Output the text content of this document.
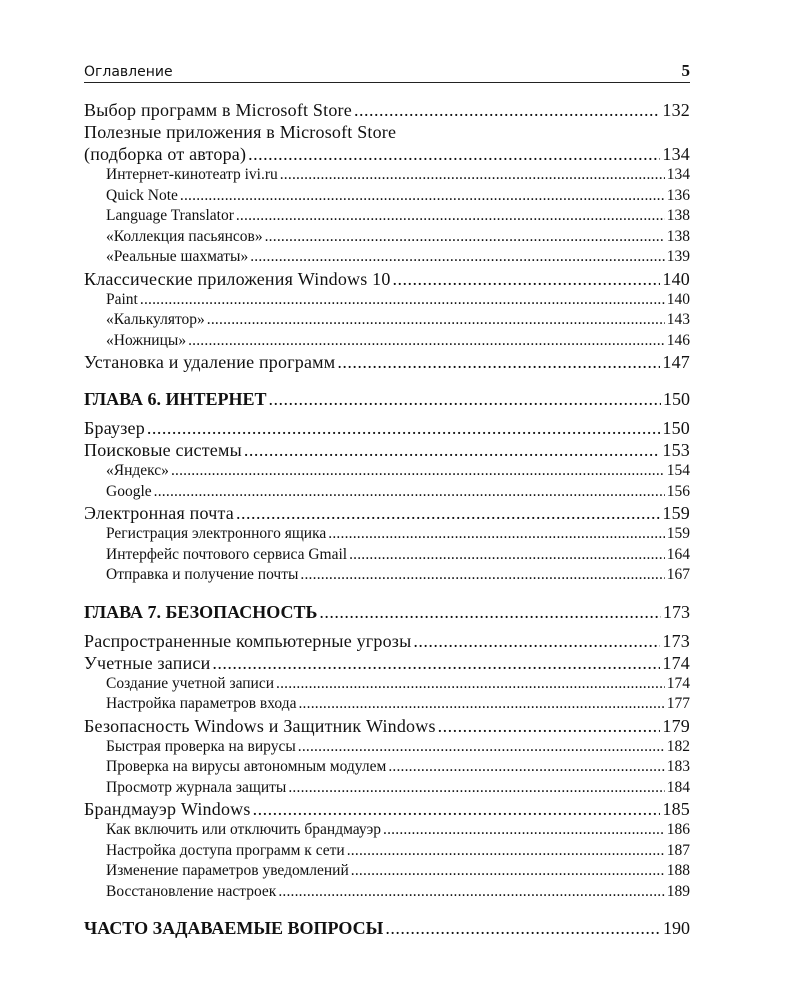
Оглавление	5
Выбор программ в Microsoft Store .....	132
Полезные приложения в Microsoft Store
(подборка от автора) .....	134
Интернет-кинотеатр ivi.ru .....	134
Quick Note .....	136
Language Translator .....	138
«Коллекция пасьянсов» .....	138
«Реальные шахматы» .....	139
Классические приложения Windows 10 .....	140
Paint .....	140
«Калькулятор» .....	143
«Ножницы» .....	146
Установка и удаление программ .....	147
ГЛАВА 6. ИНТЕРНЕТ .....	150
Браузер .....	150
Поисковые системы .....	153
«Яндекс» .....	154
Google .....	156
Электронная почта .....	159
Регистрация электронного ящика .....	159
Интерфейс почтового сервиса Gmail .....	164
Отправка и получение почты .....	167
ГЛАВА 7. БЕЗОПАСНОСТЬ .....	173
Распространенные компьютерные угрозы .....	173
Учетные записи .....	174
Создание учетной записи .....	174
Настройка параметров входа .....	177
Безопасность Windows и Защитник Windows .....	179
Быстрая проверка на вирусы .....	182
Проверка на вирусы автономным модулем .....	183
Просмотр журнала защиты .....	184
Брандмауэр Windows .....	185
Как включить или отключить брандмауэр .....	186
Настройка доступа программ к сети .....	187
Изменение параметров уведомлений .....	188
Восстановление настроек .....	189
ЧАСТО ЗАДАВАЕМЫЕ ВОПРОСЫ .....	190
